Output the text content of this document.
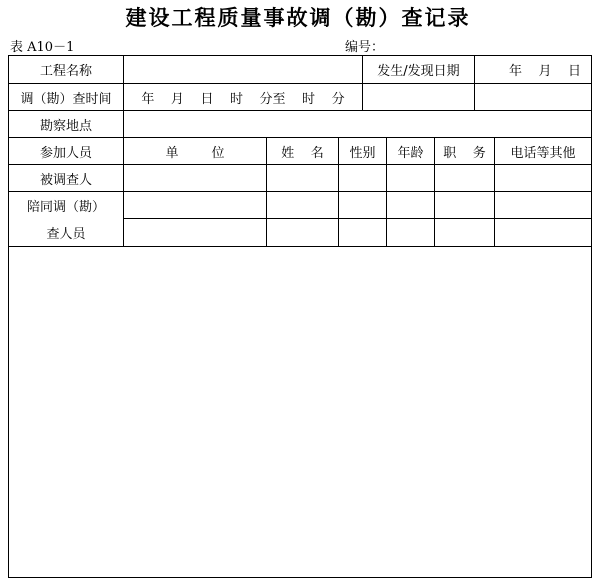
建设工程质量事故调（勘）查记录
表 A10－1	编号：
工程名称	发生/发现日期	年    月    日
调（勘）查时间	年    月    日    时    分至    时    分
勘察地点
参加人员	单        位	姓    名	性别	年龄	职    务	电话等其他
被调查人
陪同调（勘）
查人员
